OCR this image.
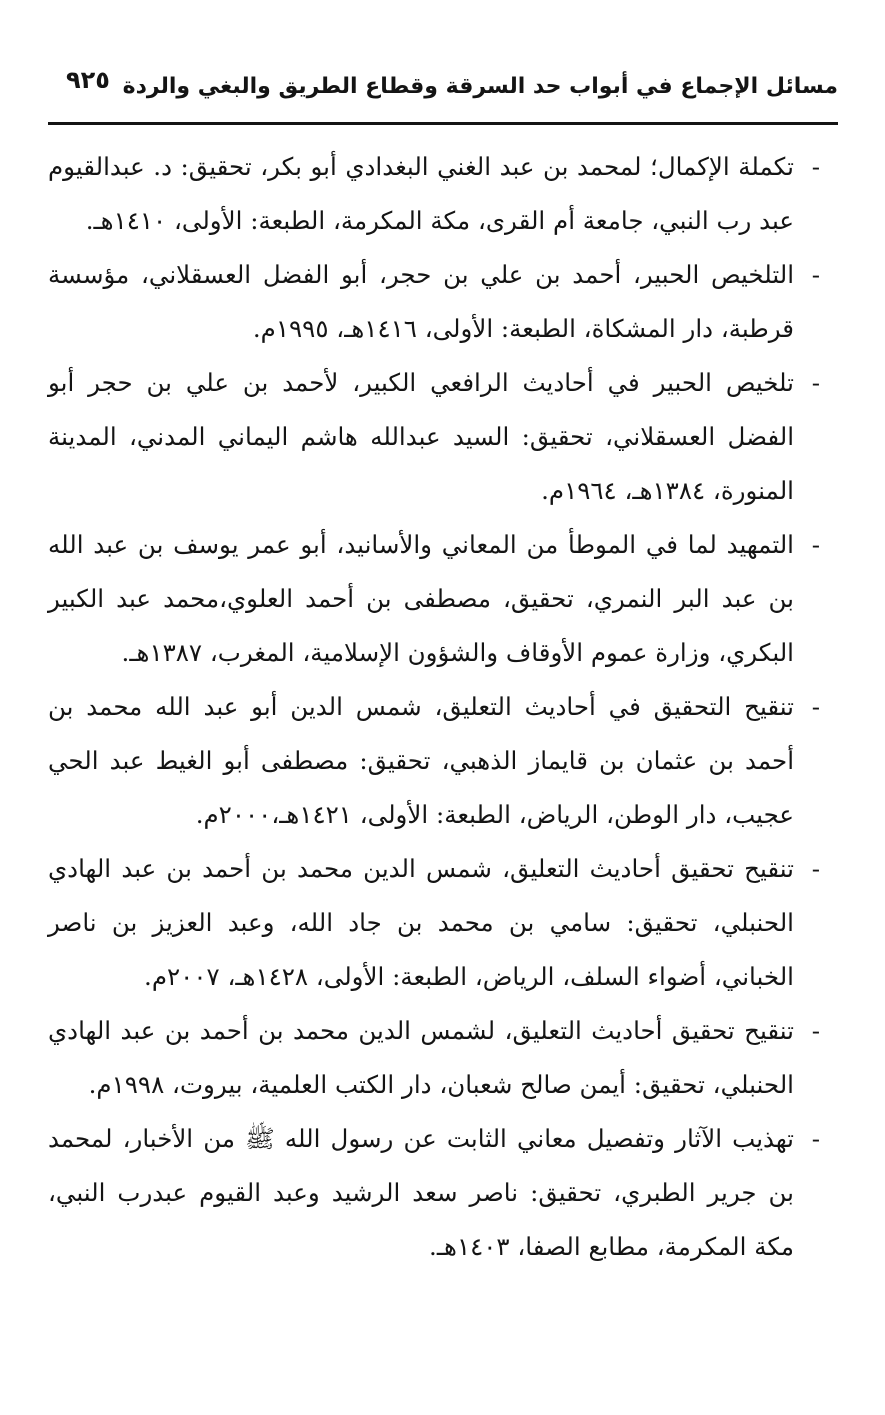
مسائل الإجماع في أبواب حد السرقة وقطاع الطريق والبغي والردة
٩٢٥

-
تكملة الإكمال؛ لمحمد بن عبد الغني البغدادي أبو بكر، تحقيق: د. عبدالقيوم عبد رب النبي، جامعة أم القرى، مكة المكرمة، الطبعة: الأولى، ١٤١٠هـ.

-
التلخيص الحبير، أحمد بن علي بن حجر، أبو الفضل العسقلاني، مؤسسة قرطبة، دار المشكاة، الطبعة: الأولى، ١٤١٦هـ، ١٩٩٥م.

-
تلخيص الحبير في أحاديث الرافعي الكبير، لأحمد بن علي بن حجر أبو الفضل العسقلاني، تحقيق: السيد عبدالله هاشم اليماني المدني، المدينة المنورة، ١٣٨٤هـ، ١٩٦٤م.

-
التمهيد لما في الموطأ من المعاني والأسانيد، أبو عمر يوسف بن عبد الله بن عبد البر النمري، تحقيق، مصطفى بن أحمد العلوي،محمد عبد الكبير البكري، وزارة عموم الأوقاف والشؤون الإسلامية، المغرب، ١٣٨٧هـ.

-
تنقيح التحقيق في أحاديث التعليق، شمس الدين أبو عبد الله محمد بن أحمد بن عثمان بن قايماز الذهبي، تحقيق: مصطفى أبو الغيط عبد الحي عجيب، دار الوطن، الرياض، الطبعة: الأولى، ١٤٢١هـ،٢٠٠٠م.

-
تنقيح تحقيق أحاديث التعليق، شمس الدين محمد بن أحمد بن عبد الهادي الحنبلي، تحقيق: سامي بن محمد بن جاد الله، وعبد العزيز بن ناصر الخباني، أضواء السلف، الرياض، الطبعة: الأولى، ١٤٢٨هـ، ٢٠٠٧م.

-
تنقيح تحقيق أحاديث التعليق، لشمس الدين محمد بن أحمد بن عبد الهادي الحنبلي، تحقيق: أيمن صالح شعبان، دار الكتب العلمية، بيروت، ١٩٩٨م.

-
تهذيب الآثار وتفصيل معاني الثابت عن رسول الله ﷺ من الأخبار، لمحمد بن جرير الطبري، تحقيق: ناصر سعد الرشيد وعبد القيوم عبدرب النبي، مكة المكرمة، مطابع الصفا، ١٤٠٣هـ.
